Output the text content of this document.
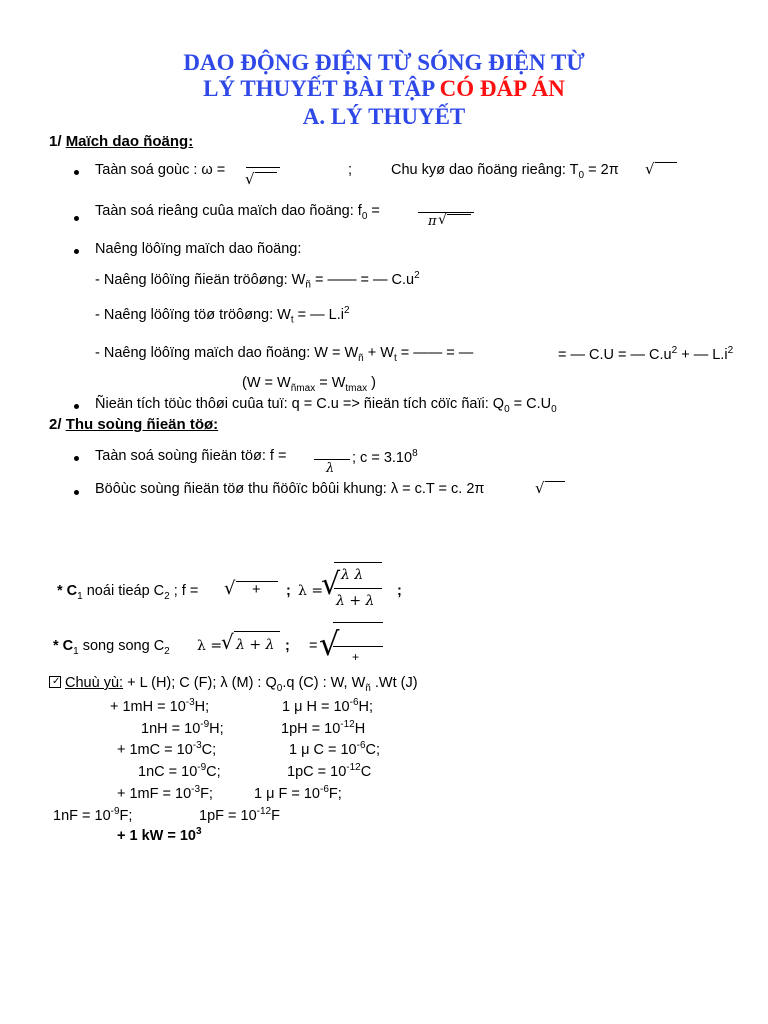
DAO ĐỘNG ĐIỆN TỪ SÓNG ĐIỆN TỪ
LÝ THUYẾT BÀI TẬP CÓ ĐÁP ÁN
A. LÝ THUYẾT
1/ Maïch dao ñoäng:
Taàn soá goùc : ω = √	;	Chu kyø dao ñoäng rieâng: $T_0 = 2\pi$ √
Taàn soá rieâng cuûa maïch dao ñoäng: $f_0$ =
π √
Naêng löôïng maïch dao ñoäng:
- Naêng löôïng ñieän tröôøng: $W_ñ$ = —— = — $C.u^2$
- Naêng löôïng töø tröôøng: $W_t$ = — $L.i^2$
- Naêng löôïng maïch dao ñoäng: $W = W_ñ + W_t$ = —— = —	= — C.U = — $C.u^2$ + — $L.i^2$
($W = W_{ñmax} = W_{tmax}$ )
Ñieän tích töùc thôøi cuûa tuï: q = C.u => ñieän tích cöïc ñaïi: $Q_0 = C.U_0$
2/ Thu soùng ñieän töø:
Taàn soá soùng ñieän töø: f =
λ
; $c = 3.10^8$
Böôùc soùng ñieän töø thu ñöôïc bôûi khung: λ = c.T = c. 2π	√
* $C_1$ noái tieáp $C_2$ ; f = √ + ; λ =
√ λ λ
λ + λ
;
* $C_1$ song song $C_2$ λ =
√ λ + λ ; = √ +
✓ Chuù yù: + L (H); C (F); λ (M) : $Q_0.q$ (C) : W, $W_ñ$ .Wt (J)
+ $1mH = 10^{-3}H$;	1 μ $H = 10^{-6}H$;
$1nH = 10^{-9}H$;	$1pH = 10^{-12}H$
+ $1mC = 10^{-3}C$;	1 μ $C = 10^{-6}C$;
$1nC = 10^{-9}C$;	$1pC = 10^{-12}C$
+ $1mF = 10^{-3}F$;	1 μ $F = 10^{-6}F$;
$1nF = 10^{-9}F$;	$1pF = 10^{-12}F$
+ 1 kW = $10^3$
